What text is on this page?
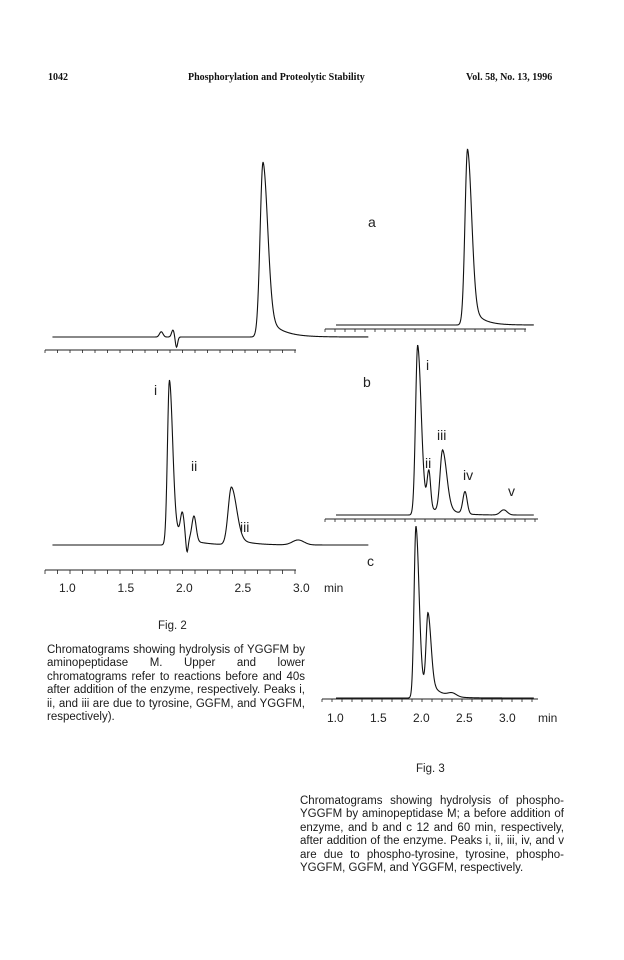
1042	Phosphorylation and Proteolytic Stability	Vol. 58, No. 13, 1996
i
ii
iii
1.0	1.5	2.0	2.5	3.0 min
a
b
i
ii
iii
iv
v
c
1.0 1.5 2.0 2.5 3.0 min
Fig. 2
Fig. 3
Chromatograms showing hydrolysis of YGGFM by aminopeptidase M. Upper and lower chromatograms refer to reactions before and 40s after addition of the enzyme, respectively. Peaks i, ii, and iii are due to tyrosine, GGFM, and YGGFM, respectively).
Chromatograms showing hydrolysis of phospho-YGGFM by aminopeptidase M; a before addition of enzyme, and b and c 12 and 60 min, respectively, after addition of the enzyme. Peaks i, ii, iii, iv, and v are due to phospho-tyrosine, tyrosine, phospho-YGGFM, GGFM, and YGGFM, respectively.
